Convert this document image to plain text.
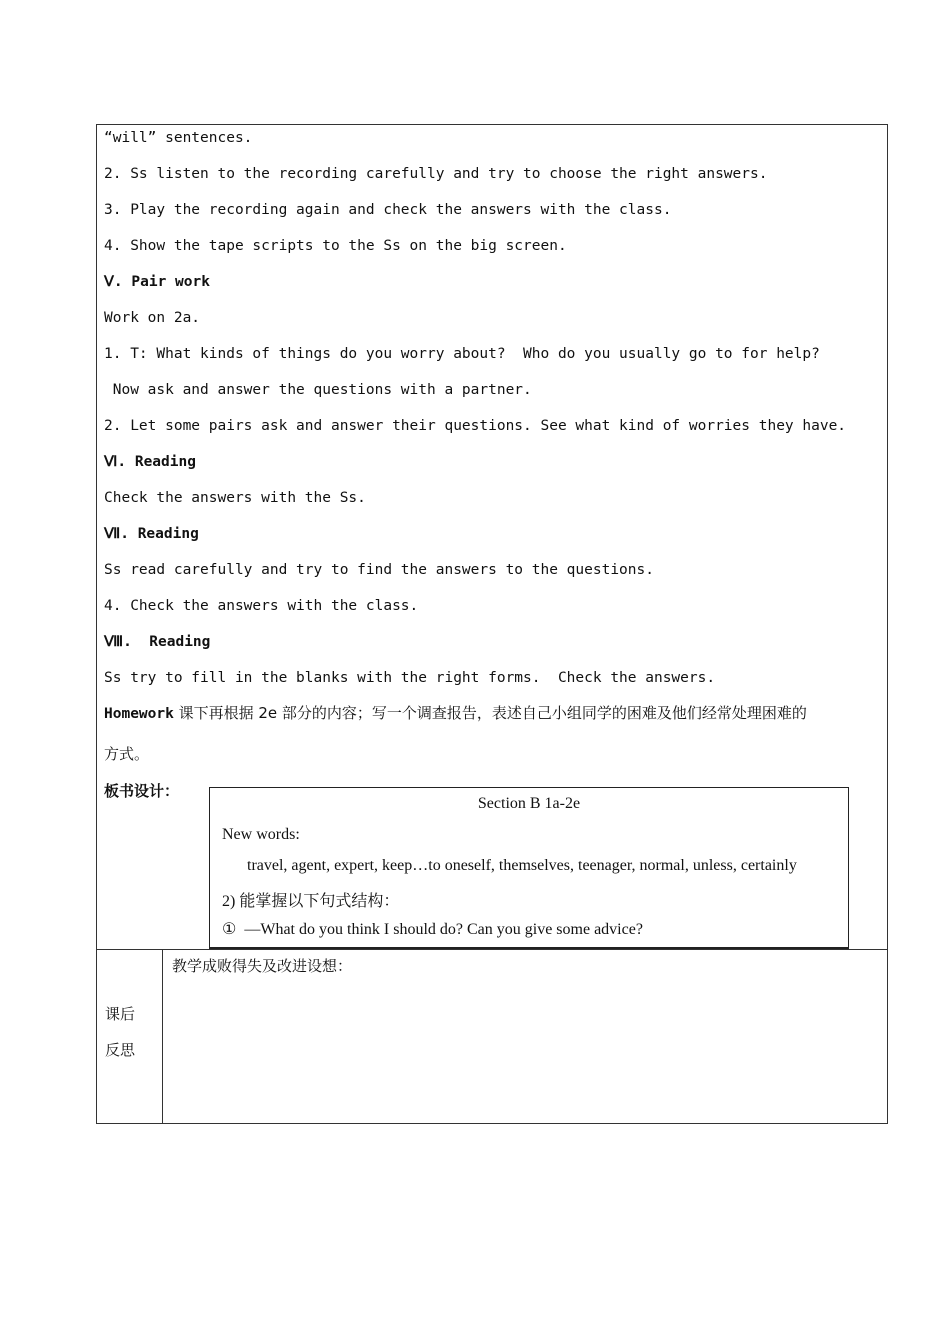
“will” sentences.
2. Ss listen to the recording carefully and try to choose the right answers.
3. Play the recording again and check the answers with the class.
4. Show the tape scripts to the Ss on the big screen.
Ⅴ. Pair work
Work on 2a.
1. T: What kinds of things do you worry about?  Who do you usually go to for help?
Now ask and answer the questions with a partner.
2. Let some pairs ask and answer their questions. See what kind of worries they have.
Ⅵ. Reading
Check the answers with the Ss.
Ⅶ. Reading
Ss read carefully and try to find the answers to the questions.
4. Check the answers with the class.
Ⅷ.  Reading
Ss try to fill in the blanks with the right forms.  Check the answers.
Homework 课下再根据 2e 部分的内容；写一个调查报告，表述自己小组同学的困难及他们经常处理困难的
方式。
板书设计：
Section B 1a-2e
New words:
travel, agent, expert, keep…to oneself, themselves, teenager, normal, unless, certainly
2) 能掌握以下句式结构：
①  —What do you think I should do? Can you give some advice?
课后
反思
教学成败得失及改进设想：
